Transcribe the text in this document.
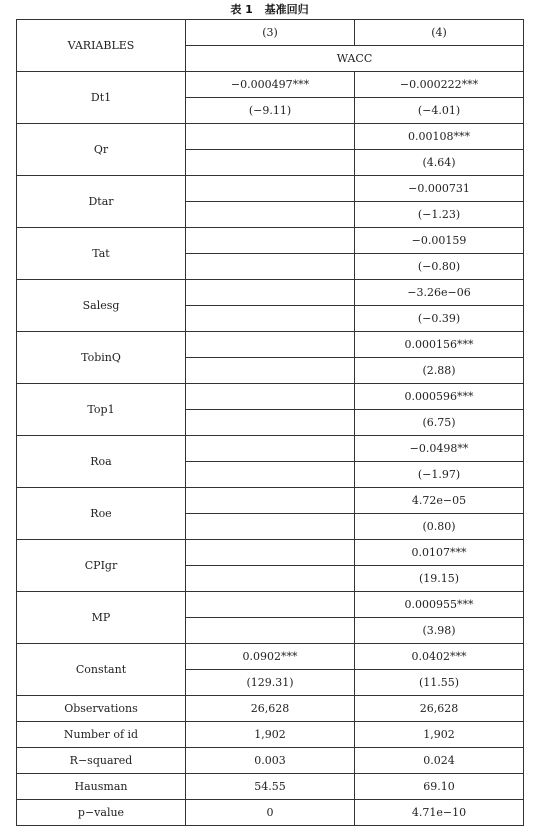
表 1 基准回归
VARIABLES	(3)	(4)
	WACC	
Dt1	−0.000497***	−0.000222***
	(−9.11)	(−4.01)
Qr		0.00108***
		(4.64)
Dtar		−0.000731
		(−1.23)
Tat		−0.00159
		(−0.80)
Salesg		−3.26e−06
		(−0.39)
TobinQ		0.000156***
		(2.88)
Top1		0.000596***
		(6.75)
Roa		−0.0498**
		(−1.97)
Roe		4.72e−05
		(0.80)
CPIgr		0.0107***
		(19.15)
MP		0.000955***
		(3.98)
Constant	0.0902***	0.0402***
	(129.31)	(11.55)
Observations	26,628	26,628
Number of id	1,902	1,902
R−squared	0.003	0.024
Hausman	54.55	69.10
p−value	0	4.71e−10
